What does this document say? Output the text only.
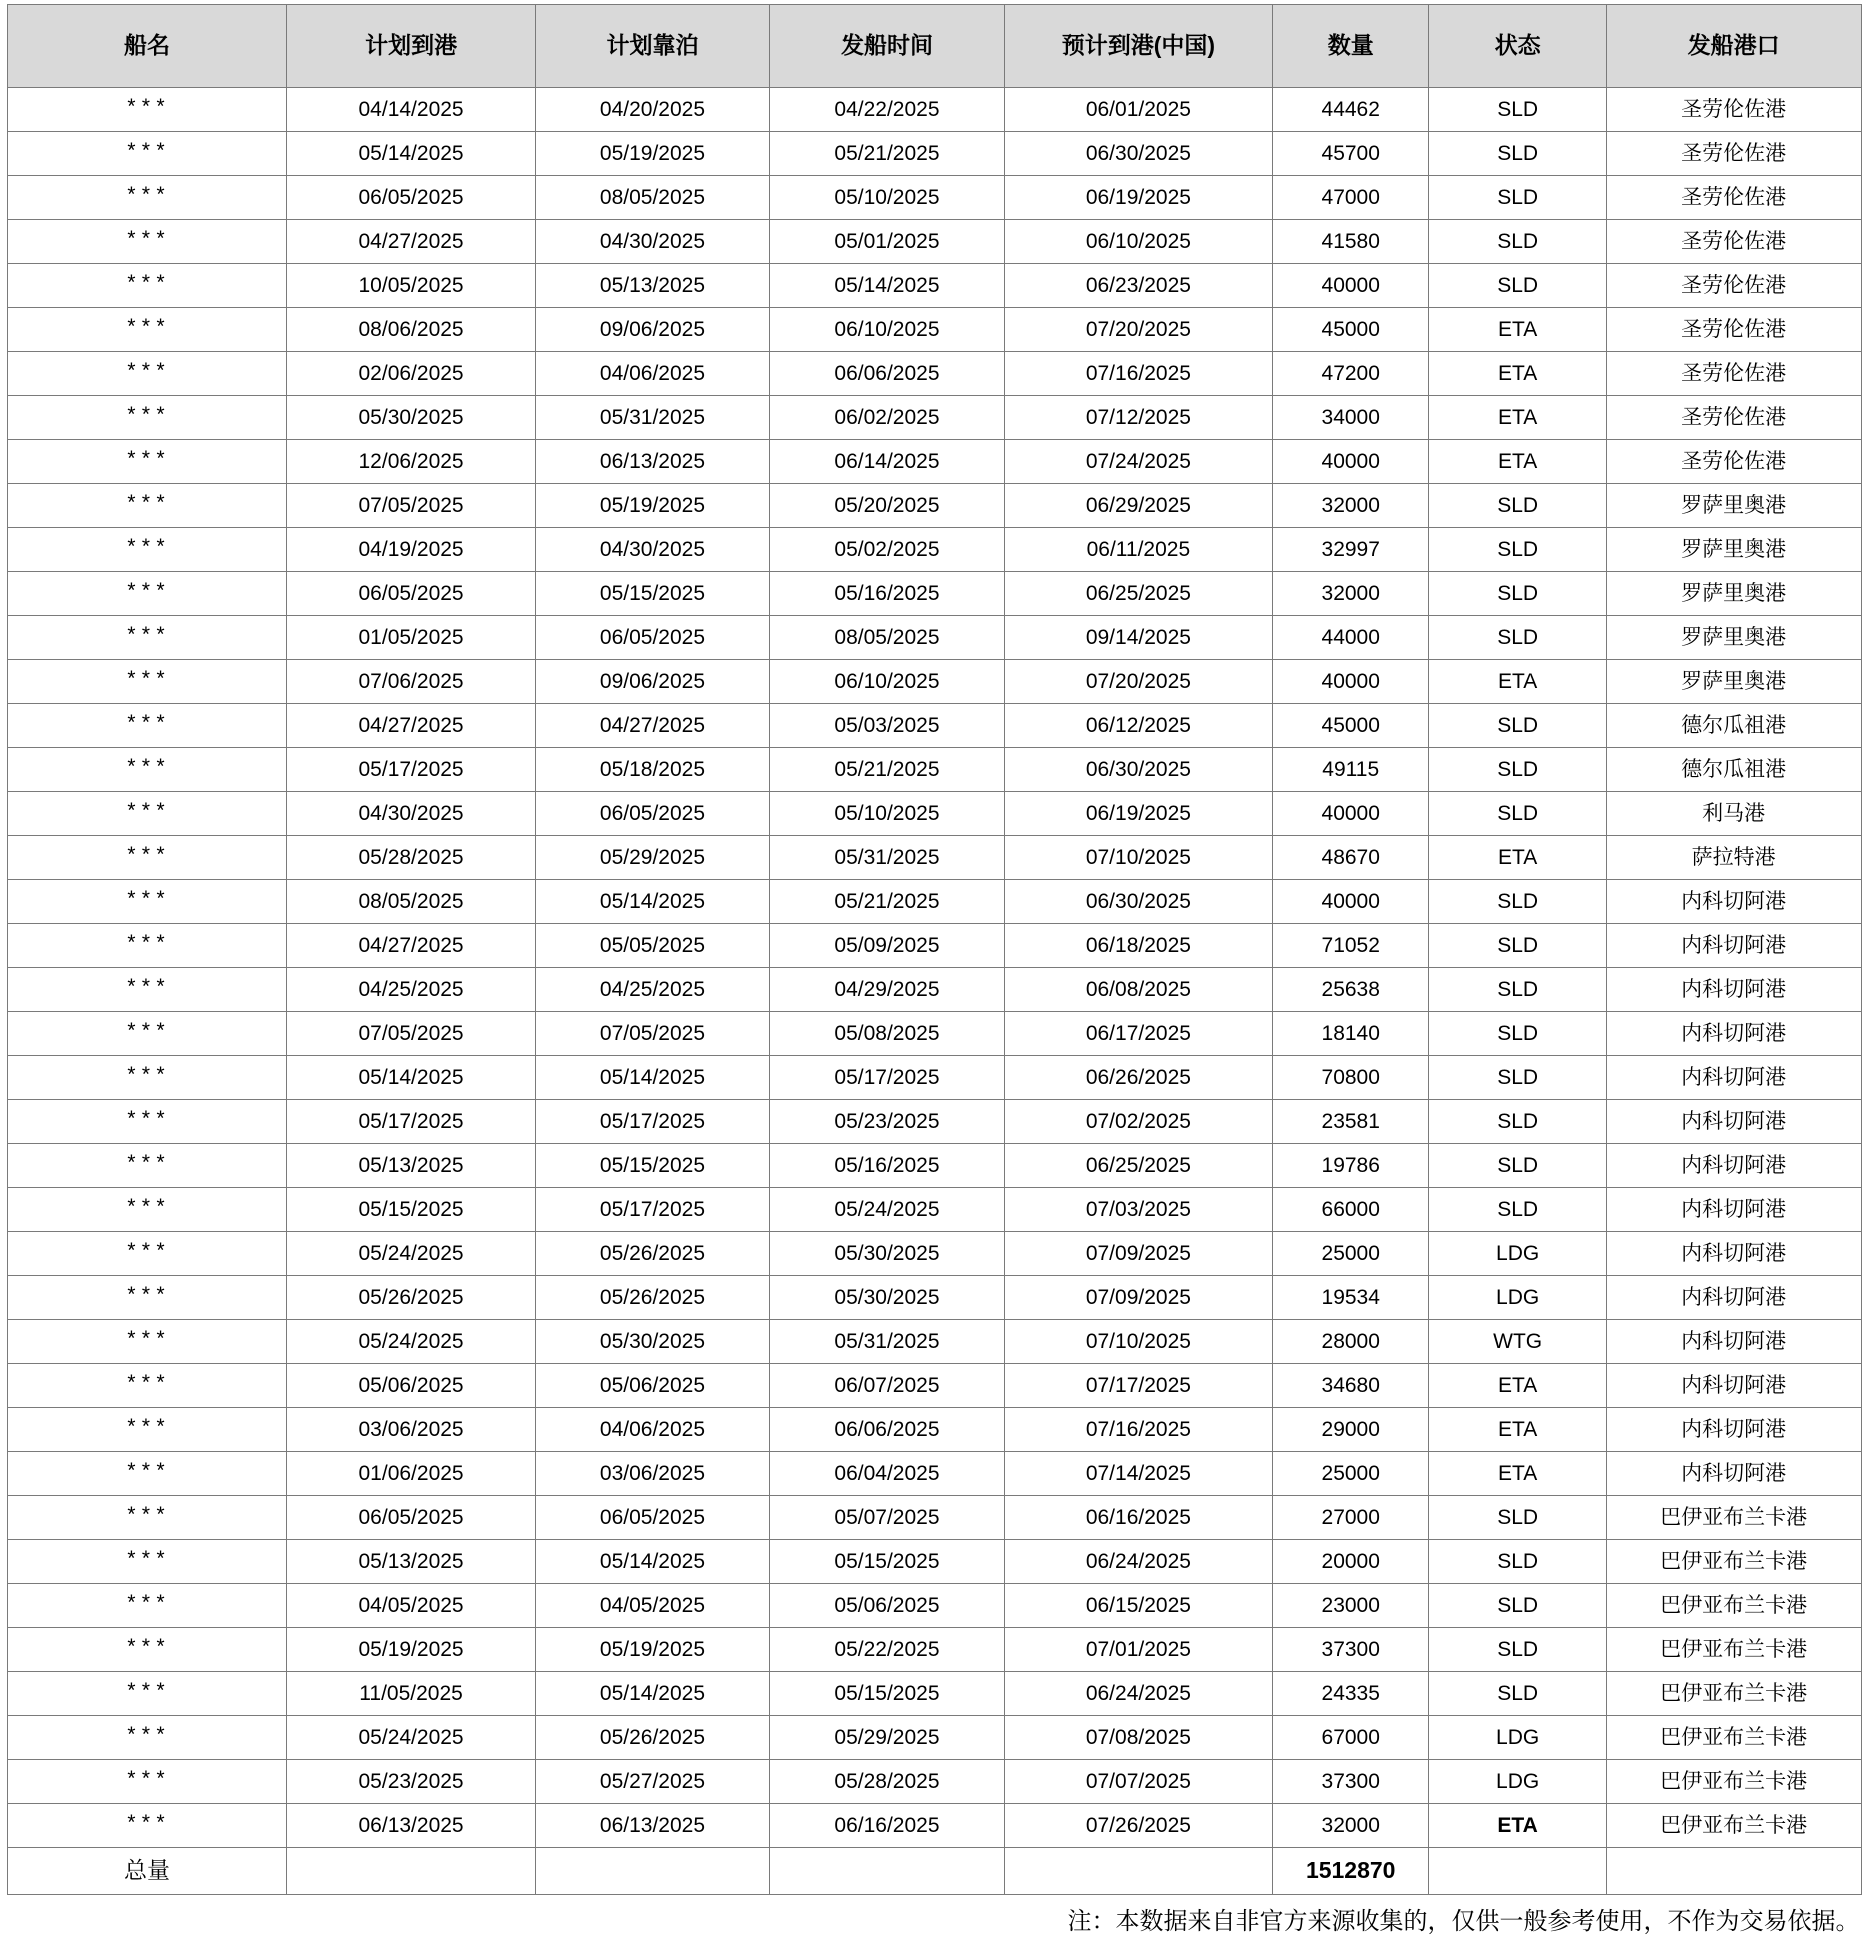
船名	计划到港	计划靠泊	发船时间	预计到港(中国)	数量	状态	发船港口
***	04/14/2025	04/20/2025	04/22/2025	06/01/2025	44462	SLD	圣劳伦佐港
***	05/14/2025	05/19/2025	05/21/2025	06/30/2025	45700	SLD	圣劳伦佐港
***	06/05/2025	08/05/2025	05/10/2025	06/19/2025	47000	SLD	圣劳伦佐港
***	04/27/2025	04/30/2025	05/01/2025	06/10/2025	41580	SLD	圣劳伦佐港
***	10/05/2025	05/13/2025	05/14/2025	06/23/2025	40000	SLD	圣劳伦佐港
***	08/06/2025	09/06/2025	06/10/2025	07/20/2025	45000	ETA	圣劳伦佐港
***	02/06/2025	04/06/2025	06/06/2025	07/16/2025	47200	ETA	圣劳伦佐港
***	05/30/2025	05/31/2025	06/02/2025	07/12/2025	34000	ETA	圣劳伦佐港
***	12/06/2025	06/13/2025	06/14/2025	07/24/2025	40000	ETA	圣劳伦佐港
***	07/05/2025	05/19/2025	05/20/2025	06/29/2025	32000	SLD	罗萨里奥港
***	04/19/2025	04/30/2025	05/02/2025	06/11/2025	32997	SLD	罗萨里奥港
***	06/05/2025	05/15/2025	05/16/2025	06/25/2025	32000	SLD	罗萨里奥港
***	01/05/2025	06/05/2025	08/05/2025	09/14/2025	44000	SLD	罗萨里奥港
***	07/06/2025	09/06/2025	06/10/2025	07/20/2025	40000	ETA	罗萨里奥港
***	04/27/2025	04/27/2025	05/03/2025	06/12/2025	45000	SLD	德尔瓜祖港
***	05/17/2025	05/18/2025	05/21/2025	06/30/2025	49115	SLD	德尔瓜祖港
***	04/30/2025	06/05/2025	05/10/2025	06/19/2025	40000	SLD	利马港
***	05/28/2025	05/29/2025	05/31/2025	07/10/2025	48670	ETA	萨拉特港
***	08/05/2025	05/14/2025	05/21/2025	06/30/2025	40000	SLD	内科切阿港
***	04/27/2025	05/05/2025	05/09/2025	06/18/2025	71052	SLD	内科切阿港
***	04/25/2025	04/25/2025	04/29/2025	06/08/2025	25638	SLD	内科切阿港
***	07/05/2025	07/05/2025	05/08/2025	06/17/2025	18140	SLD	内科切阿港
***	05/14/2025	05/14/2025	05/17/2025	06/26/2025	70800	SLD	内科切阿港
***	05/17/2025	05/17/2025	05/23/2025	07/02/2025	23581	SLD	内科切阿港
***	05/13/2025	05/15/2025	05/16/2025	06/25/2025	19786	SLD	内科切阿港
***	05/15/2025	05/17/2025	05/24/2025	07/03/2025	66000	SLD	内科切阿港
***	05/24/2025	05/26/2025	05/30/2025	07/09/2025	25000	LDG	内科切阿港
***	05/26/2025	05/26/2025	05/30/2025	07/09/2025	19534	LDG	内科切阿港
***	05/24/2025	05/30/2025	05/31/2025	07/10/2025	28000	WTG	内科切阿港
***	05/06/2025	05/06/2025	06/07/2025	07/17/2025	34680	ETA	内科切阿港
***	03/06/2025	04/06/2025	06/06/2025	07/16/2025	29000	ETA	内科切阿港
***	01/06/2025	03/06/2025	06/04/2025	07/14/2025	25000	ETA	内科切阿港
***	06/05/2025	06/05/2025	05/07/2025	06/16/2025	27000	SLD	巴伊亚布兰卡港
***	05/13/2025	05/14/2025	05/15/2025	06/24/2025	20000	SLD	巴伊亚布兰卡港
***	04/05/2025	04/05/2025	05/06/2025	06/15/2025	23000	SLD	巴伊亚布兰卡港
***	05/19/2025	05/19/2025	05/22/2025	07/01/2025	37300	SLD	巴伊亚布兰卡港
***	11/05/2025	05/14/2025	05/15/2025	06/24/2025	24335	SLD	巴伊亚布兰卡港
***	05/24/2025	05/26/2025	05/29/2025	07/08/2025	67000	LDG	巴伊亚布兰卡港
***	05/23/2025	05/27/2025	05/28/2025	07/07/2025	37300	LDG	巴伊亚布兰卡港
***	06/13/2025	06/13/2025	06/16/2025	07/26/2025	32000	ETA	巴伊亚布兰卡港
总量					1512870		
注：本数据来自非官方来源收集的，仅供一般参考使用，不作为交易依据。
